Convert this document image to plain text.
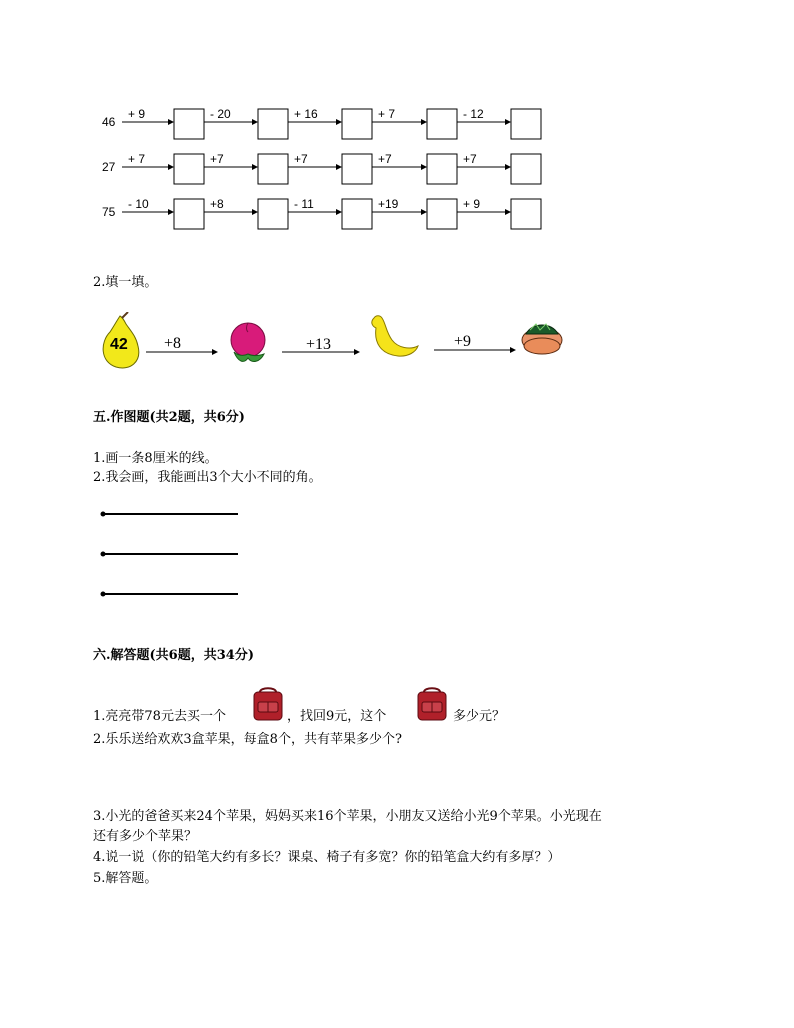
46
+ 9	- 20	+ 16	+ 7	- 12
27
+ 7	+7	+7	+7	+7
75
- 10	+8	- 11	+19	+ 9
2.填一填。
42 +8	+13	+9
五.作图题(共2题，共6分)
1.画一条8厘米的线。
2.我会画，我能画出3个大小不同的角。
六.解答题(共6题，共34分)
1.亮亮带78元去买一个	，找回9元，这个	多少元？
2.乐乐送给欢欢3盒苹果，每盒8个，共有苹果多少个?
3.小光的爸爸买来24个苹果，妈妈买来16个苹果，小朋友又送给小光9个苹果。小光现在
还有多少个苹果？
4.说一说（你的铅笔大约有多长？课桌、椅子有多宽？你的铅笔盒大约有多厚？）
5.解答题。
